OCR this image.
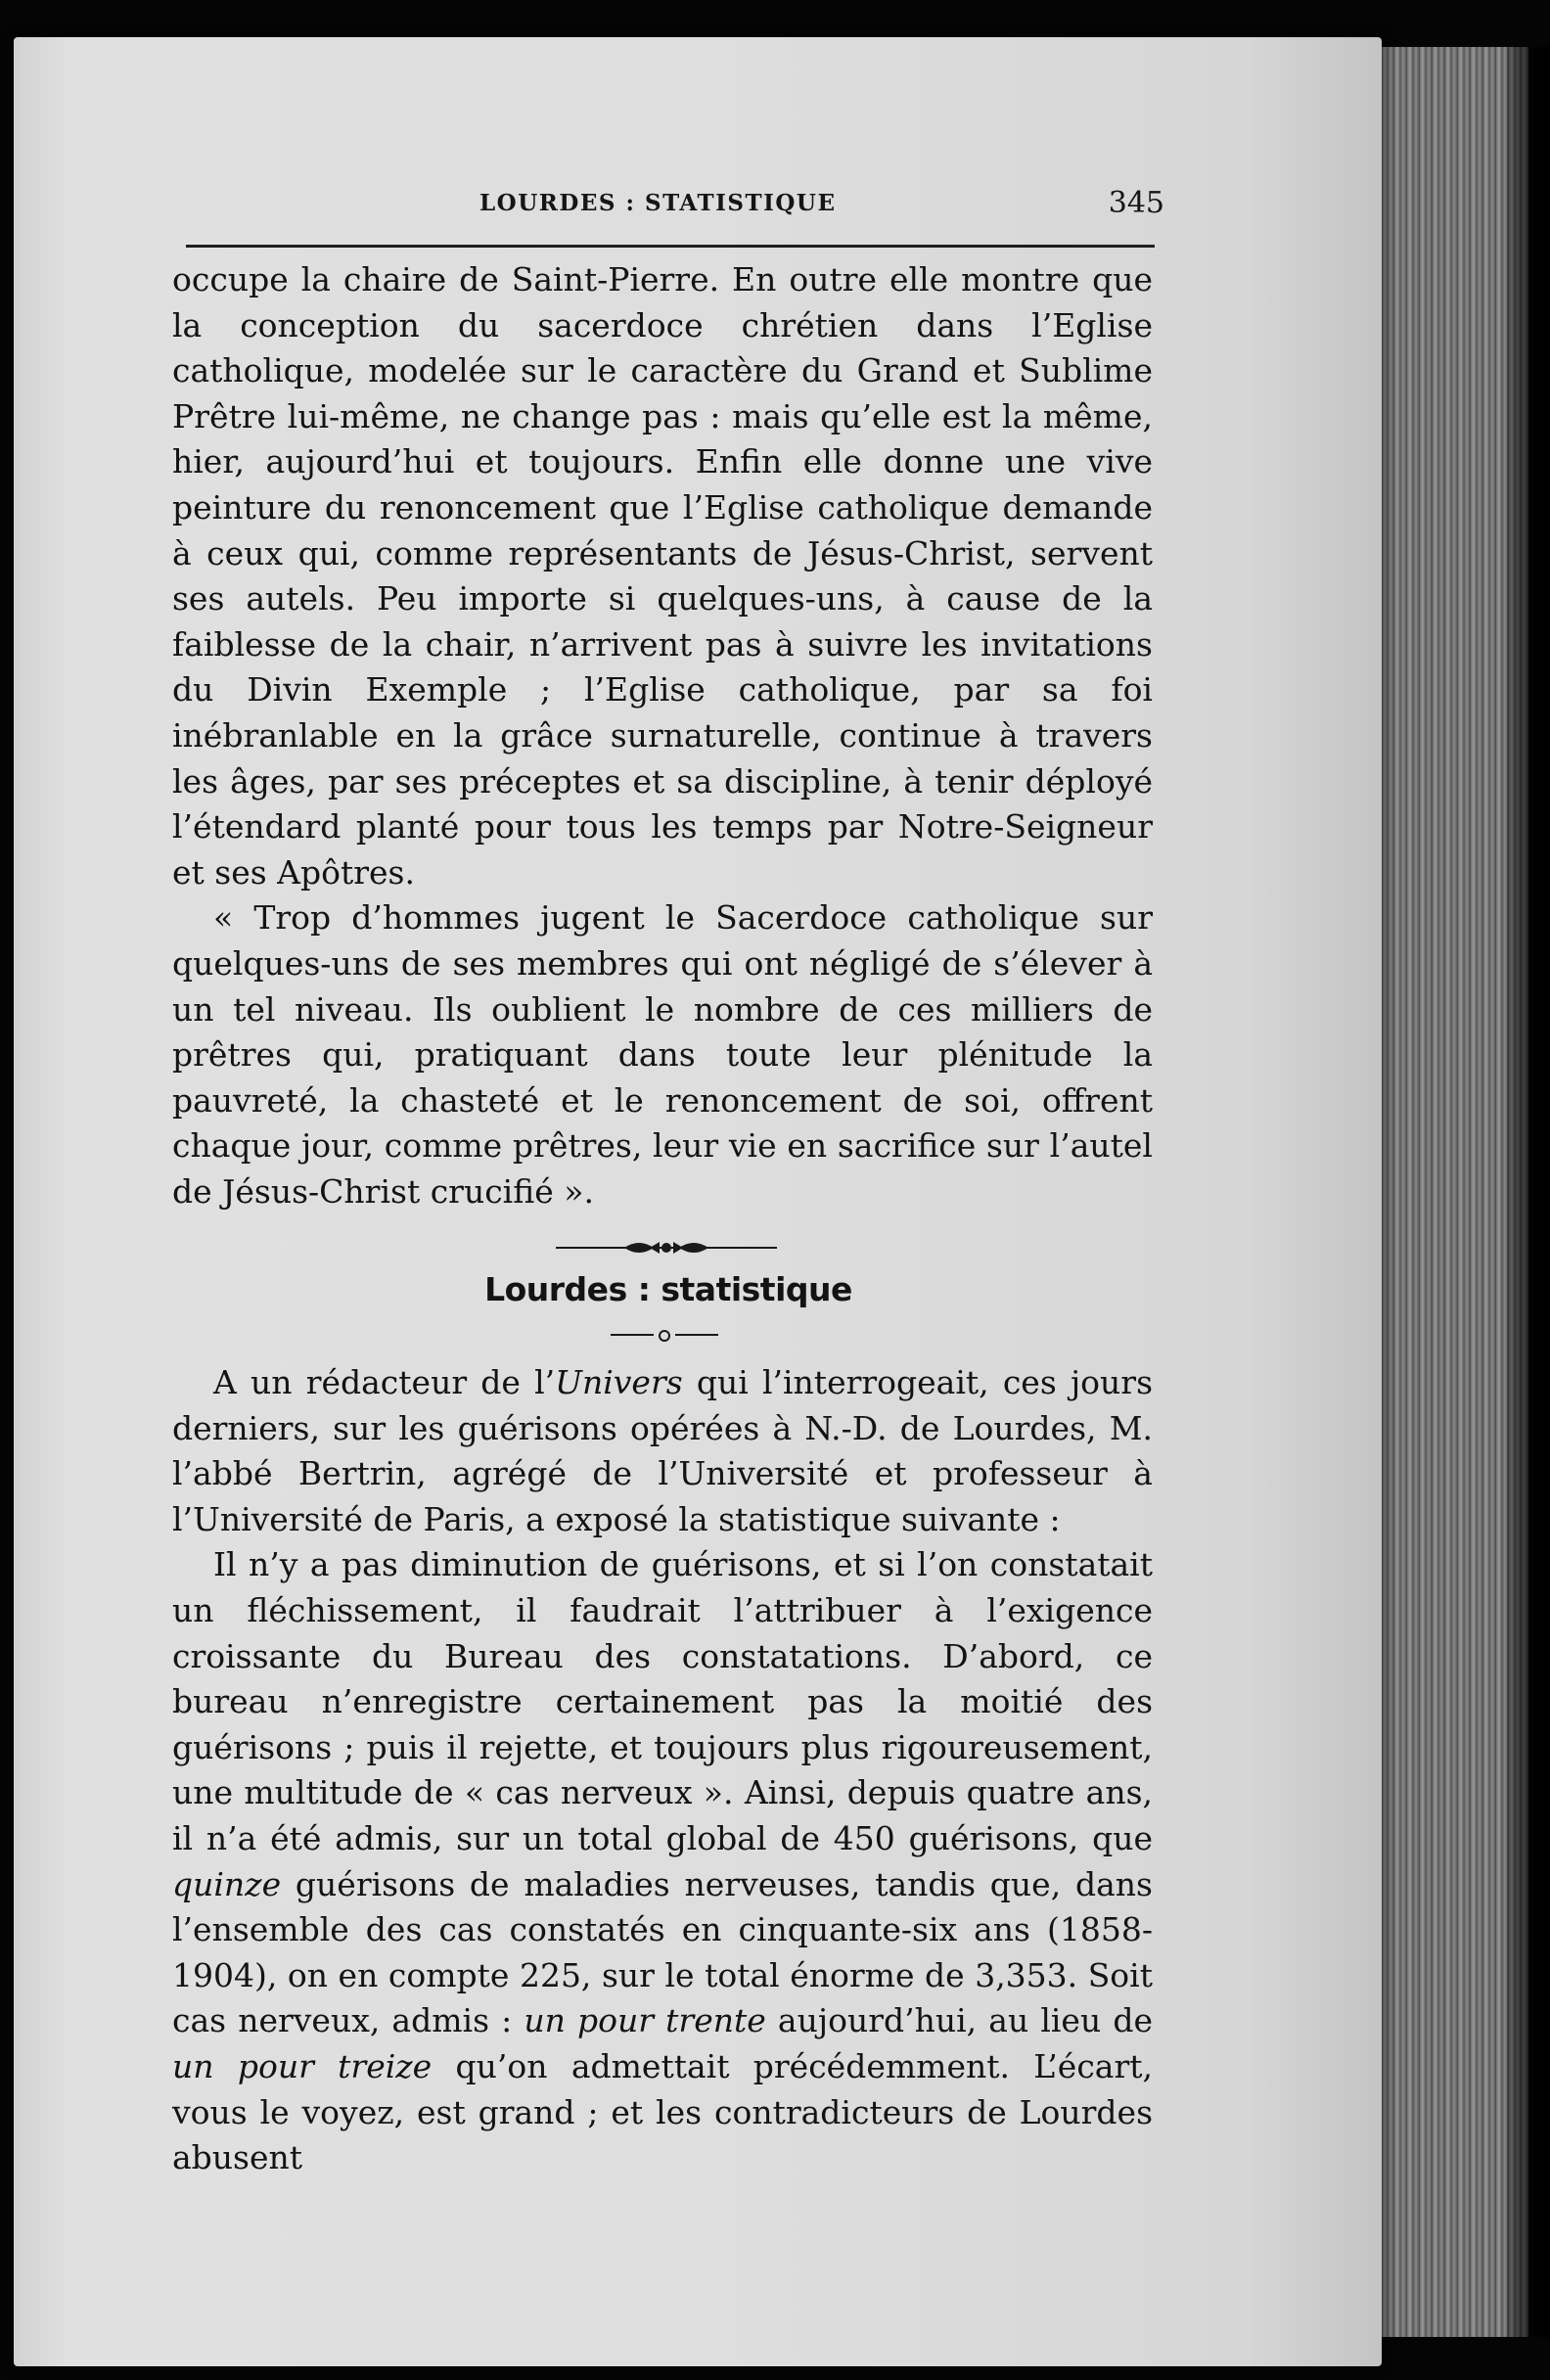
LOURDES : STATISTIQUE	345

occupe la chaire de Saint-Pierre. En outre elle montre que la conception du sacerdoce chrétien dans l’Eglise catholique, modelée sur le caractère du Grand et Sublime Prêtre lui-même, ne change pas : mais qu’elle est la même, hier, aujourd’hui et toujours. Enfin elle donne une vive peinture du renoncement que l’Eglise catholique demande à ceux qui, comme représentants de Jésus-Christ, servent ses autels. Peu importe si quelques-uns, à cause de la faiblesse de la chair, n’arrivent pas à suivre les invitations du Divin Exemple ; l’Eglise catholique, par sa foi inébranlable en la grâce surnaturelle, continue à travers les âges, par ses préceptes et sa discipline, à tenir déployé l’étendard planté pour tous les temps par Notre-Seigneur et ses Apôtres.

« Trop d’hommes jugent le Sacerdoce catholique sur quelques-uns de ses membres qui ont négligé de s’élever à un tel niveau. Ils oublient le nombre de ces milliers de prêtres qui, pratiquant dans toute leur plénitude la pauvreté, la chasteté et le renoncement de soi, offrent chaque jour, comme prêtres, leur vie en sacrifice sur l’autel de Jésus-Christ crucifié ».

Lourdes : statistique

A un rédacteur de l’Univers qui l’interrogeait, ces jours derniers, sur les guérisons opérées à N.-D. de Lourdes, M. l’abbé Bertrin, agrégé de l’Université et professeur à l’Université de Paris, a exposé la statistique suivante :

Il n’y a pas diminution de guérisons, et si l’on constatait un fléchissement, il faudrait l’attribuer à l’exigence croissante du Bureau des constatations. D’abord, ce bureau n’enregistre certainement pas la moitié des guérisons ; puis il rejette, et toujours plus rigoureusement, une multitude de « cas nerveux ». Ainsi, depuis quatre ans, il n’a été admis, sur un total global de 450 guérisons, que quinze guérisons de maladies nerveuses, tandis que, dans l’ensemble des cas constatés en cinquante-six ans (1858-1904), on en compte 225, sur le total énorme de 3,353. Soit cas nerveux, admis : un pour trente aujourd’hui, au lieu de un pour treize qu’on admettait précédemment. L’écart, vous le voyez, est grand ; et les contradicteurs de Lourdes abusent
